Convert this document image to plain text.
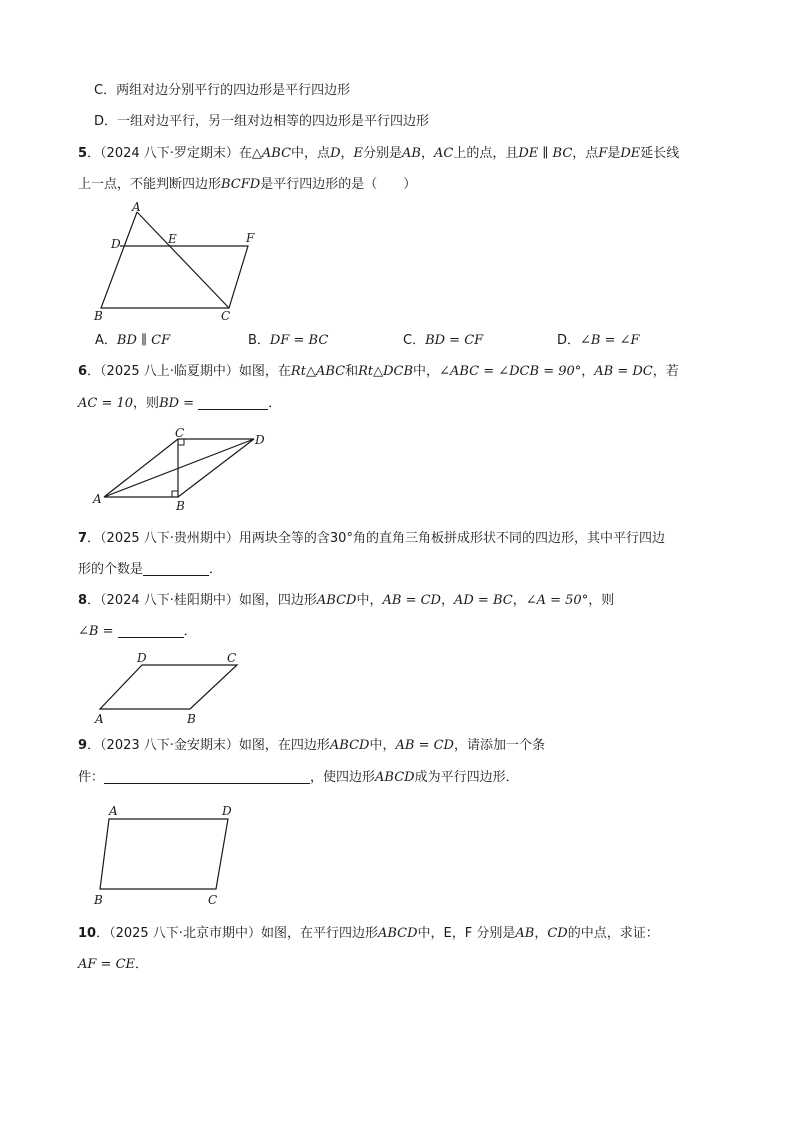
C．两组对边分别平行的四边形是平行四边形
D．一组对边平行，另一组对边相等的四边形是平行四边形
5．（2024 八下·罗定期末）在△ABC中，点D，E分别是AB，AC上的点，且DE ∥ BC，点F是DE延长线
上一点，不能判断四边形BCFD是平行四边形的是（　　）
A
D	E	F
B	C
A．BD ∥ CF	B．DF = BC	C．BD = CF	D．∠B = ∠F
6．（2025 八上·临夏期中）如图，在Rt△ABC和Rt△DCB中，∠ABC = ∠DCB = 90°，AB = DC，若
AC = 10，则BD =	．
C	D
A	B
7．（2025 八下·贵州期中）用两块全等的含30°角的直角三角板拼成形状不同的四边形，其中平行四边
形的个数是	．
8．（2024 八下·桂阳期中）如图，四边形ABCD中，AB = CD，AD = BC，∠A = 50°，则
∠B =	．
D	C
A	B
9．（2023 八下·金安期末）如图，在四边形ABCD中，AB = CD，请添加一个条
件：	，使四边形ABCD成为平行四边形．
A	D
B	C
10．（2025 八下·北京市期中）如图，在平行四边形ABCD中，E，F 分别是AB，CD的中点，求证：
AF = CE．
